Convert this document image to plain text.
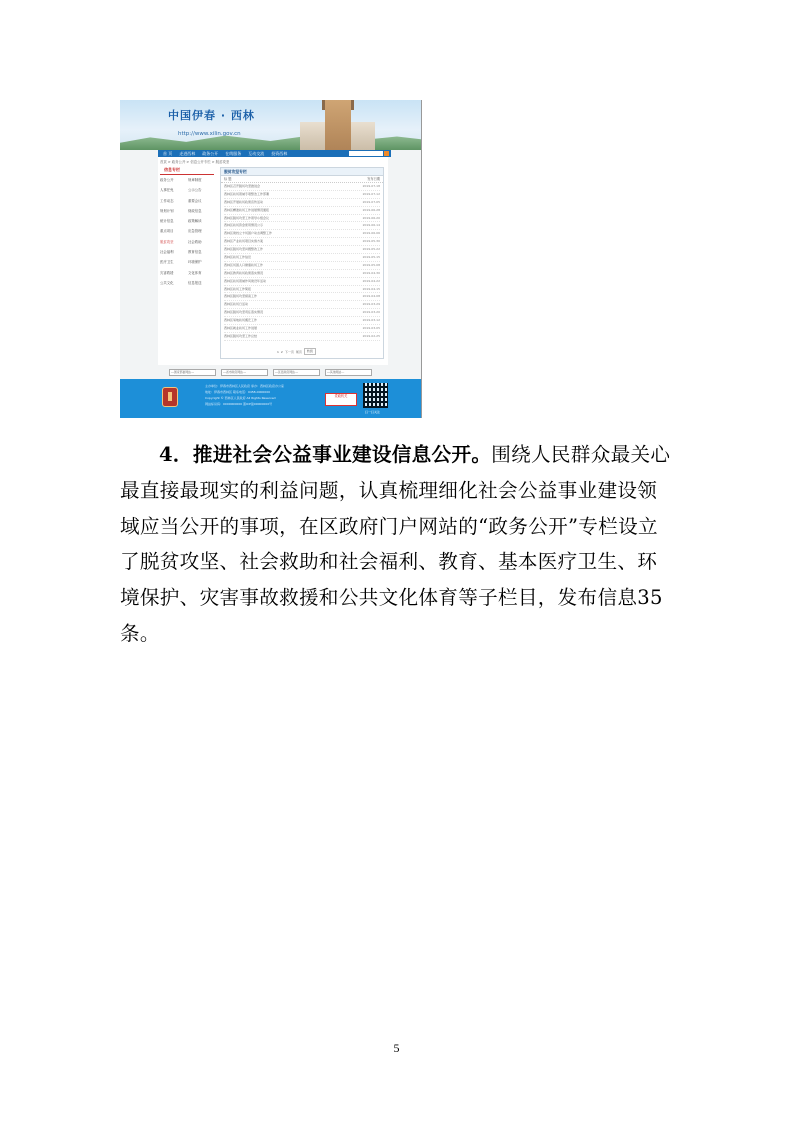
中国伊春 · 西林
http://www.xilin.gov.cn
首 页	走进西林	政务公开	在线服务	互动交流	投资西林
首页 > 政务公开 > 信息公开专栏 > 脱贫攻坚
信息专栏
政务公开	规章制度
人事任免	公示公告
工作动态	重要会议
规划计划	财政信息
统计信息	政策解读
重点项目	应急管理
脱贫攻坚	社会救助
社会福利	教育信息
医疗卫生	环境保护
灾害救援	文化体育
公共文化	信息报送
脱贫攻坚专栏
标 题	发布日期
西林区召开脱贫攻坚推进会	2019-07-18
西林区扶贫领域专项整治工作部署	2019-07-12
西林区开展扶贫政策宣传活动	2019-07-05
西林区精准扶贫工作进展情况通报	2019-06-28
西林区脱贫攻坚工作领导小组会议	2019-06-20
西林区扶贫资金使用情况公示	2019-06-14
西林区建档立卡贫困户动态调整工作	2019-06-06
西林区产业扶贫项目实施方案	2019-05-30
西林区脱贫攻坚问题整改工作	2019-05-22
西林区扶贫工作信息	2019-05-15
西林区贫困人口健康扶贫工作	2019-05-08
西林区教育扶贫政策落实情况	2019-04-30
西林区扶贫领域作风建设年活动	2019-04-22
西林区扶贫工作简报	2019-04-15
西林区脱贫攻坚督查工作	2019-04-08
西林区扶贫日活动	2019-03-29
西林区脱贫攻坚责任落实情况	2019-03-20
西林区易地扶贫搬迁工作	2019-03-12
西林区就业扶贫工作进展	2019-03-05
西林区脱贫攻坚工作总结	2019-02-25
1 2 下一页 尾页	转到
---国家部委网站---	---省市政府网站---	---区县政府网站---	---其他网站---
主办单位：伊春市西林区人民政府 承办：西林区政府办公室
地址：伊春市西林区 联系电话：0458-0000000
Copyright © 西林区人民政府 All Rights Reserved
网站标识码：0000000000 黑ICP备00000000号
党政机关
扫一扫关注

4．推进社会公益事业建设信息公开。围绕人民群众最关心最直接最现实的利益问题，认真梳理细化社会公益事业建设领域应当公开的事项，在区政府门户网站的“政务公开”专栏设立了脱贫攻坚、社会救助和社会福利、教育、基本医疗卫生、环境保护、灾害事故救援和公共文化体育等子栏目，发布信息35条。

5
